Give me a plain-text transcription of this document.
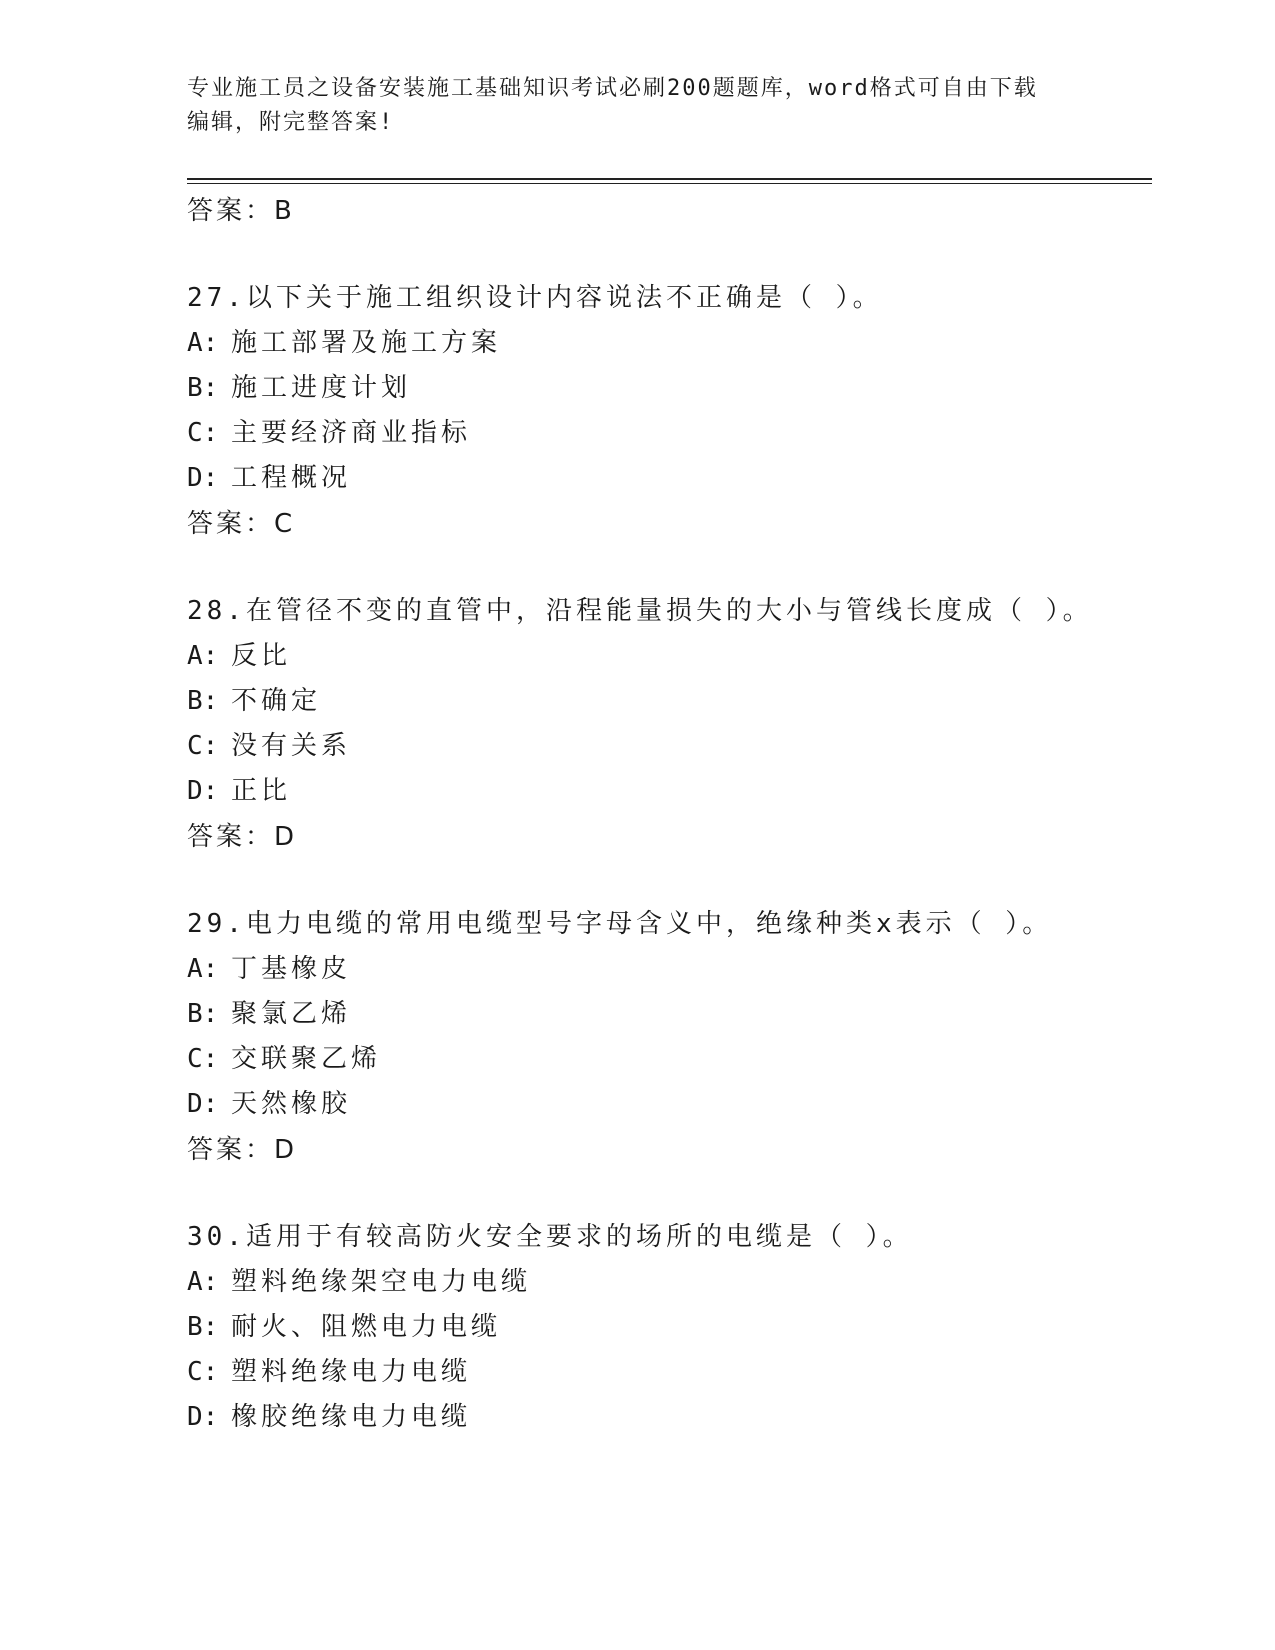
专业施工员之设备安装施工基础知识考试必刷200题题库，word格式可自由下载
编辑，附完整答案!
答案：B
27.以下关于施工组织设计内容说法不正确是（ ）。
A: 施工部署及施工方案
B: 施工进度计划
C: 主要经济商业指标
D: 工程概况
答案：C
28.在管径不变的直管中，沿程能量损失的大小与管线长度成（ ）。
A: 反比
B: 不确定
C: 没有关系
D: 正比
答案：D
29.电力电缆的常用电缆型号字母含义中，绝缘种类x表示（ ）。
A: 丁基橡皮
B: 聚氯乙烯
C: 交联聚乙烯
D: 天然橡胶
答案：D
30.适用于有较高防火安全要求的场所的电缆是（ ）。
A: 塑料绝缘架空电力电缆
B: 耐火、阻燃电力电缆
C: 塑料绝缘电力电缆
D: 橡胶绝缘电力电缆
